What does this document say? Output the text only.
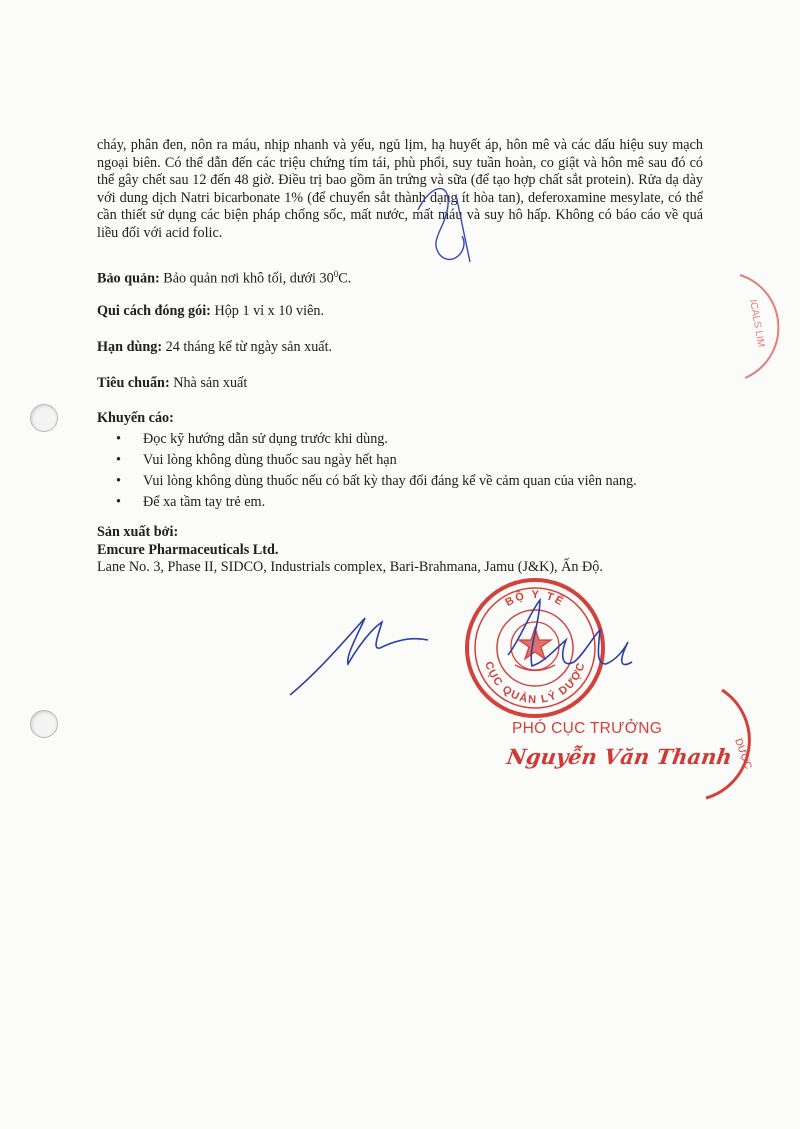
cháy, phân đen, nôn ra máu, nhịp nhanh và yếu, ngủ lịm, hạ huyết áp, hôn mê và các dấu hiệu suy mạch ngoại biên. Có thể dẫn đến các triệu chứng tím tái, phù phổi, suy tuần hoàn, co giật và hôn mê sau đó có thể gây chết sau 12 đến 48 giờ. Điều trị bao gồm ăn trứng và sữa (để tạo hợp chất sắt protein). Rửa dạ dày với dung dịch Natri bicarbonate 1% (để chuyển sắt thành dạng ít hòa tan), deferoxamine mesylate, có thể cần thiết sử dụng các biện pháp chống sốc, mất nước, mất máu và suy hô hấp. Không có báo cáo về quá liều đối với acid folic.

Bảo quản: Bảo quản nơi khô tối, dưới $30^0C$.
Qui cách đóng gói: Hộp 1 vỉ x 10 viên.
Hạn dùng: 24 tháng kể từ ngày sản xuất.
Tiêu chuẩn: Nhà sản xuất
Khuyến cáo:
• Đọc kỹ hướng dẫn sử dụng trước khi dùng.
• Vui lòng không dùng thuốc sau ngày hết hạn
• Vui lòng không dùng thuốc nếu có bất kỳ thay đổi đáng kể về cảm quan của viên nang.
• Để xa tầm tay trẻ em.
Sản xuất bởi:
Emcure Pharmaceuticals Ltd.
Lane No. 3, Phase II, SIDCO, Industrials complex, Bari-Brahmana, Jamu (J&K), Ấn Độ.
BỘ Y TẾ
CỤC QUẢN LÝ DƯỢC
ICALS LIM
DƯỢC
PHÓ CỤC TRƯỞNG
Nguyễn Văn Thanh
